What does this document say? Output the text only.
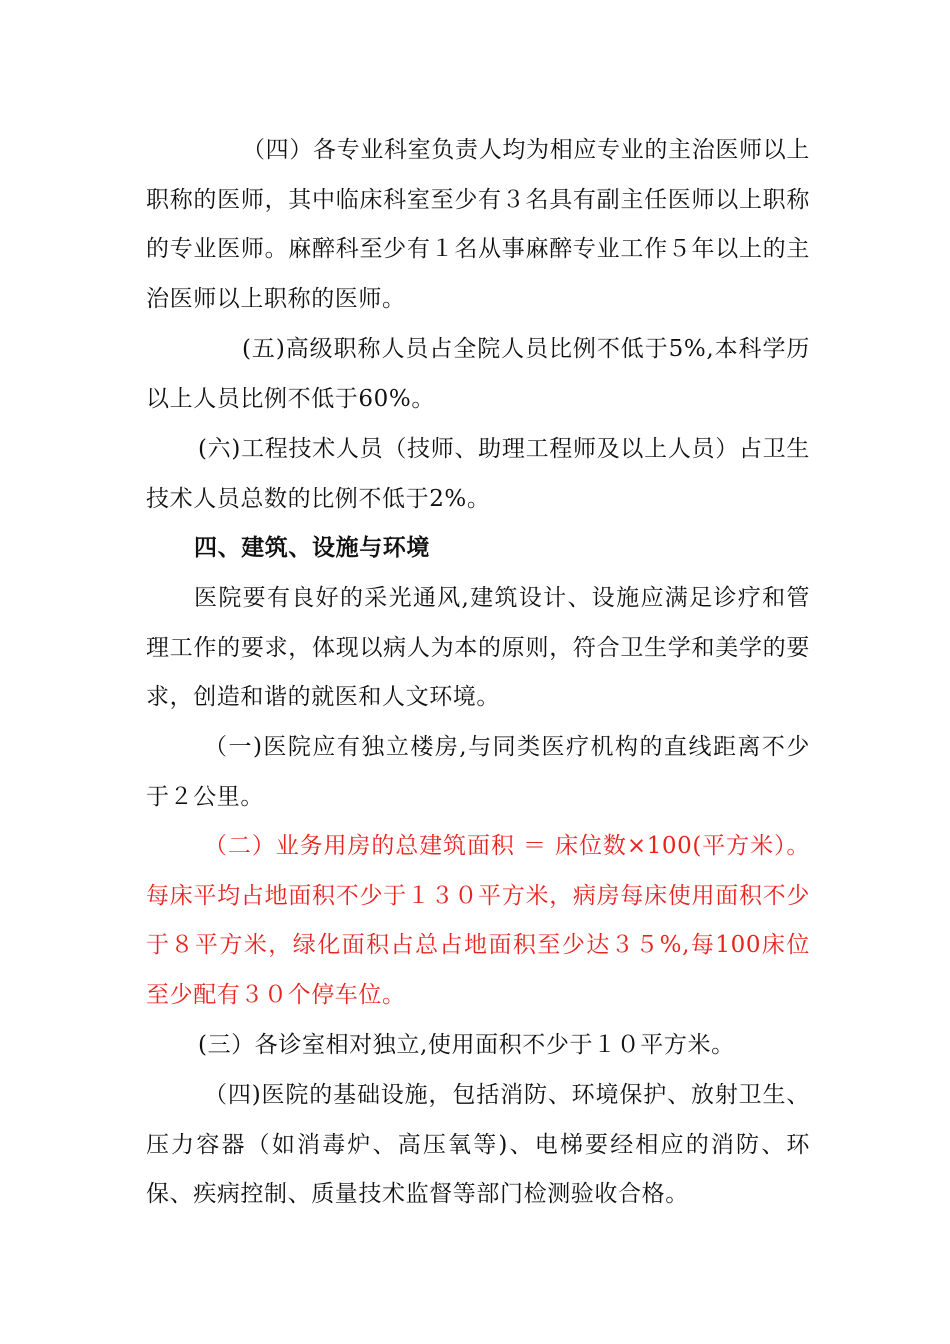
（四）各专业科室负责人均为相应专业的主治医师以上职称的医师，其中临床科室至少有３名具有副主任医师以上职称的专业医师。麻醉科至少有１名从事麻醉专业工作５年以上的主治医师以上职称的医师。

(五)高级职称人员占全院人员比例不低于5%,本科学历以上人员比例不低于60%。

(六)工程技术人员（技师、助理工程师及以上人员）占卫生技术人员总数的比例不低于2%。

四、建筑、设施与环境

医院要有良好的采光通风,建筑设计、设施应满足诊疗和管理工作的要求，体现以病人为本的原则，符合卫生学和美学的要求，创造和谐的就医和人文环境。

（一)医院应有独立楼房,与同类医疗机构的直线距离不少于２公里。

（二）业务用房的总建筑面积 ＝ 床位数×100(平方米）。每床平均占地面积不少于１３０平方米，病房每床使用面积不少于８平方米，绿化面积占总占地面积至少达３５%,每100床位至少配有３０个停车位。

(三）各诊室相对独立,使用面积不少于１０平方米。

（四)医院的基础设施，包括消防、环境保护、放射卫生、压力容器（如消毒炉、高压氧等)、电梯要经相应的消防、环保、疾病控制、质量技术监督等部门检测验收合格。
